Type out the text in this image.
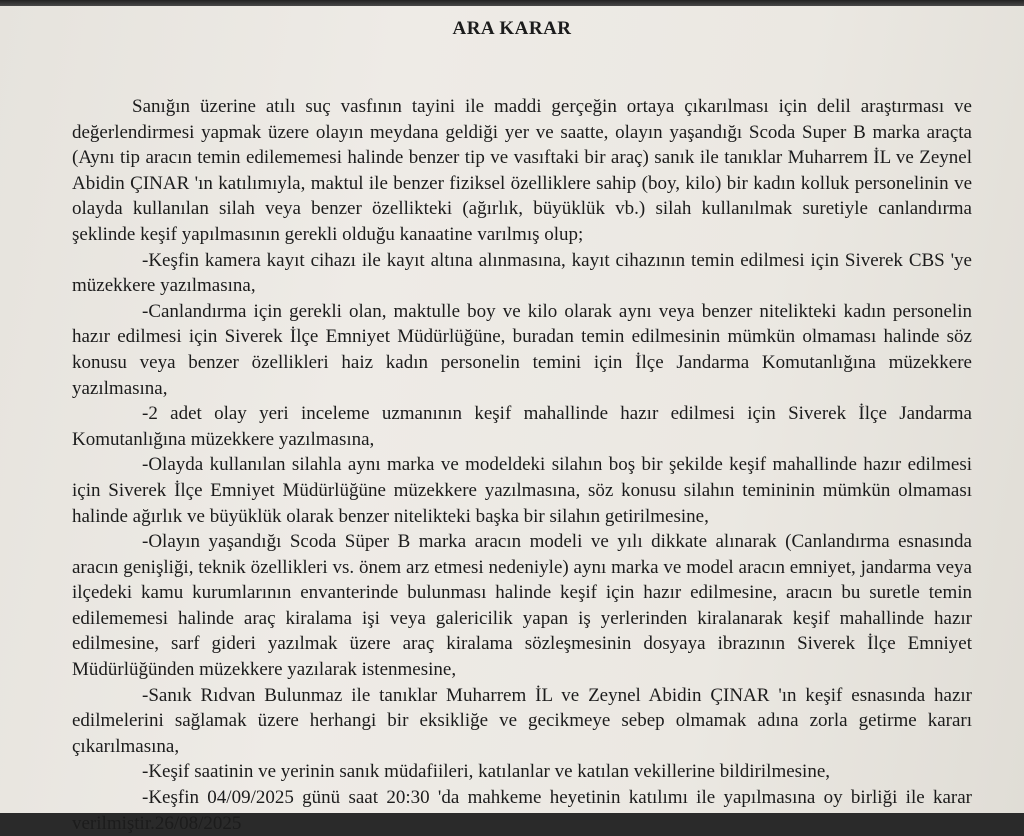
ARA KARAR

Sanığın üzerine atılı suç vasfının tayini ile maddi gerçeğin ortaya çıkarılması için delil araştırması ve değerlendirmesi yapmak üzere olayın meydana geldiği yer ve saatte, olayın yaşandığı Scoda Super B marka araçta (Aynı tip aracın temin edilememesi halinde benzer tip ve vasıftaki bir araç) sanık ile tanıklar Muharrem İL ve Zeynel Abidin ÇINAR 'ın katılımıyla, maktul ile benzer fiziksel özelliklere sahip (boy, kilo) bir kadın kolluk personelinin ve olayda kullanılan silah veya benzer özellikteki (ağırlık, büyüklük vb.) silah kullanılmak suretiyle canlandırma şeklinde keşif yapılmasının gerekli olduğu kanaatine varılmış olup;

-Keşfin kamera kayıt cihazı ile kayıt altına alınmasına, kayıt cihazının temin edilmesi için Siverek CBS 'ye müzekkere yazılmasına,

-Canlandırma için gerekli olan, maktulle boy ve kilo olarak aynı veya benzer nitelikteki kadın personelin hazır edilmesi için Siverek İlçe Emniyet Müdürlüğüne, buradan temin edilmesinin mümkün olmaması halinde söz konusu veya benzer özellikleri haiz kadın personelin temini için İlçe Jandarma Komutanlığına müzekkere yazılmasına,

-2 adet olay yeri inceleme uzmanının keşif mahallinde hazır edilmesi için Siverek İlçe Jandarma Komutanlığına müzekkere yazılmasına,

-Olayda kullanılan silahla aynı marka ve modeldeki silahın boş bir şekilde keşif mahallinde hazır edilmesi için Siverek İlçe Emniyet Müdürlüğüne müzekkere yazılmasına, söz konusu silahın temininin mümkün olmaması halinde ağırlık ve büyüklük olarak benzer nitelikteki başka bir silahın getirilmesine,

-Olayın yaşandığı Scoda Süper B marka aracın modeli ve yılı dikkate alınarak (Canlandırma esnasında aracın genişliği, teknik özellikleri vs. önem arz etmesi nedeniyle) aynı marka ve model aracın emniyet, jandarma veya ilçedeki kamu kurumlarının envanterinde bulunması halinde keşif için hazır edilmesine, aracın bu suretle temin edilememesi halinde araç kiralama işi veya galericilik yapan iş yerlerinden kiralanarak keşif mahallinde hazır edilmesine, sarf gideri yazılmak üzere araç kiralama sözleşmesinin dosyaya ibrazının Siverek İlçe Emniyet Müdürlüğünden müzekkere yazılarak istenmesine,

-Sanık Rıdvan Bulunmaz ile tanıklar Muharrem İL ve Zeynel Abidin ÇINAR 'ın keşif esnasında hazır edilmelerini sağlamak üzere herhangi bir eksikliğe ve gecikmeye sebep olmamak adına zorla getirme kararı çıkarılmasına,

-Keşif saatinin ve yerinin sanık müdafiileri, katılanlar ve katılan vekillerine bildirilmesine,

-Keşfin 04/09/2025 günü saat 20:30 'da mahkeme heyetinin katılımı ile yapılmasına oy birliği ile karar verilmiştir.26/08/2025
